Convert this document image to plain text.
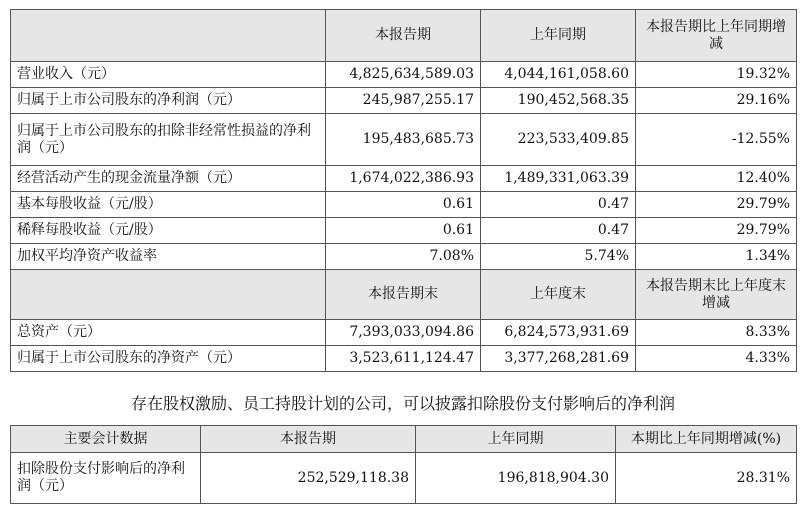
	本报告期	上年同期	本报告期比上年同期增减
营业收入（元）	4,825,634,589.03	4,044,161,058.60	19.32%
归属于上市公司股东的净利润（元）	245,987,255.17	190,452,568.35	29.16%
归属于上市公司股东的扣除非经常性损益的净利润（元）	195,483,685.73	223,533,409.85	-12.55%
经营活动产生的现金流量净额（元）	1,674,022,386.93	1,489,331,063.39	12.40%
基本每股收益（元/股）	0.61	0.47	29.79%
稀释每股收益（元/股）	0.61	0.47	29.79%
加权平均净资产收益率	7.08%	5.74%	1.34%
	本报告期末	上年度末	本报告期末比上年度末增减
总资产（元）	7,393,033,094.86	6,824,573,931.69	8.33%
归属于上市公司股东的净资产（元）	3,523,611,124.47	3,377,268,281.69	4.33%
存在股权激励、员工持股计划的公司，可以披露扣除股份支付影响后的净利润
主要会计数据	本报告期	上年同期	本期比上年同期增减(%)
扣除股份支付影响后的净利润（元）	252,529,118.38	196,818,904.30	28.31%
